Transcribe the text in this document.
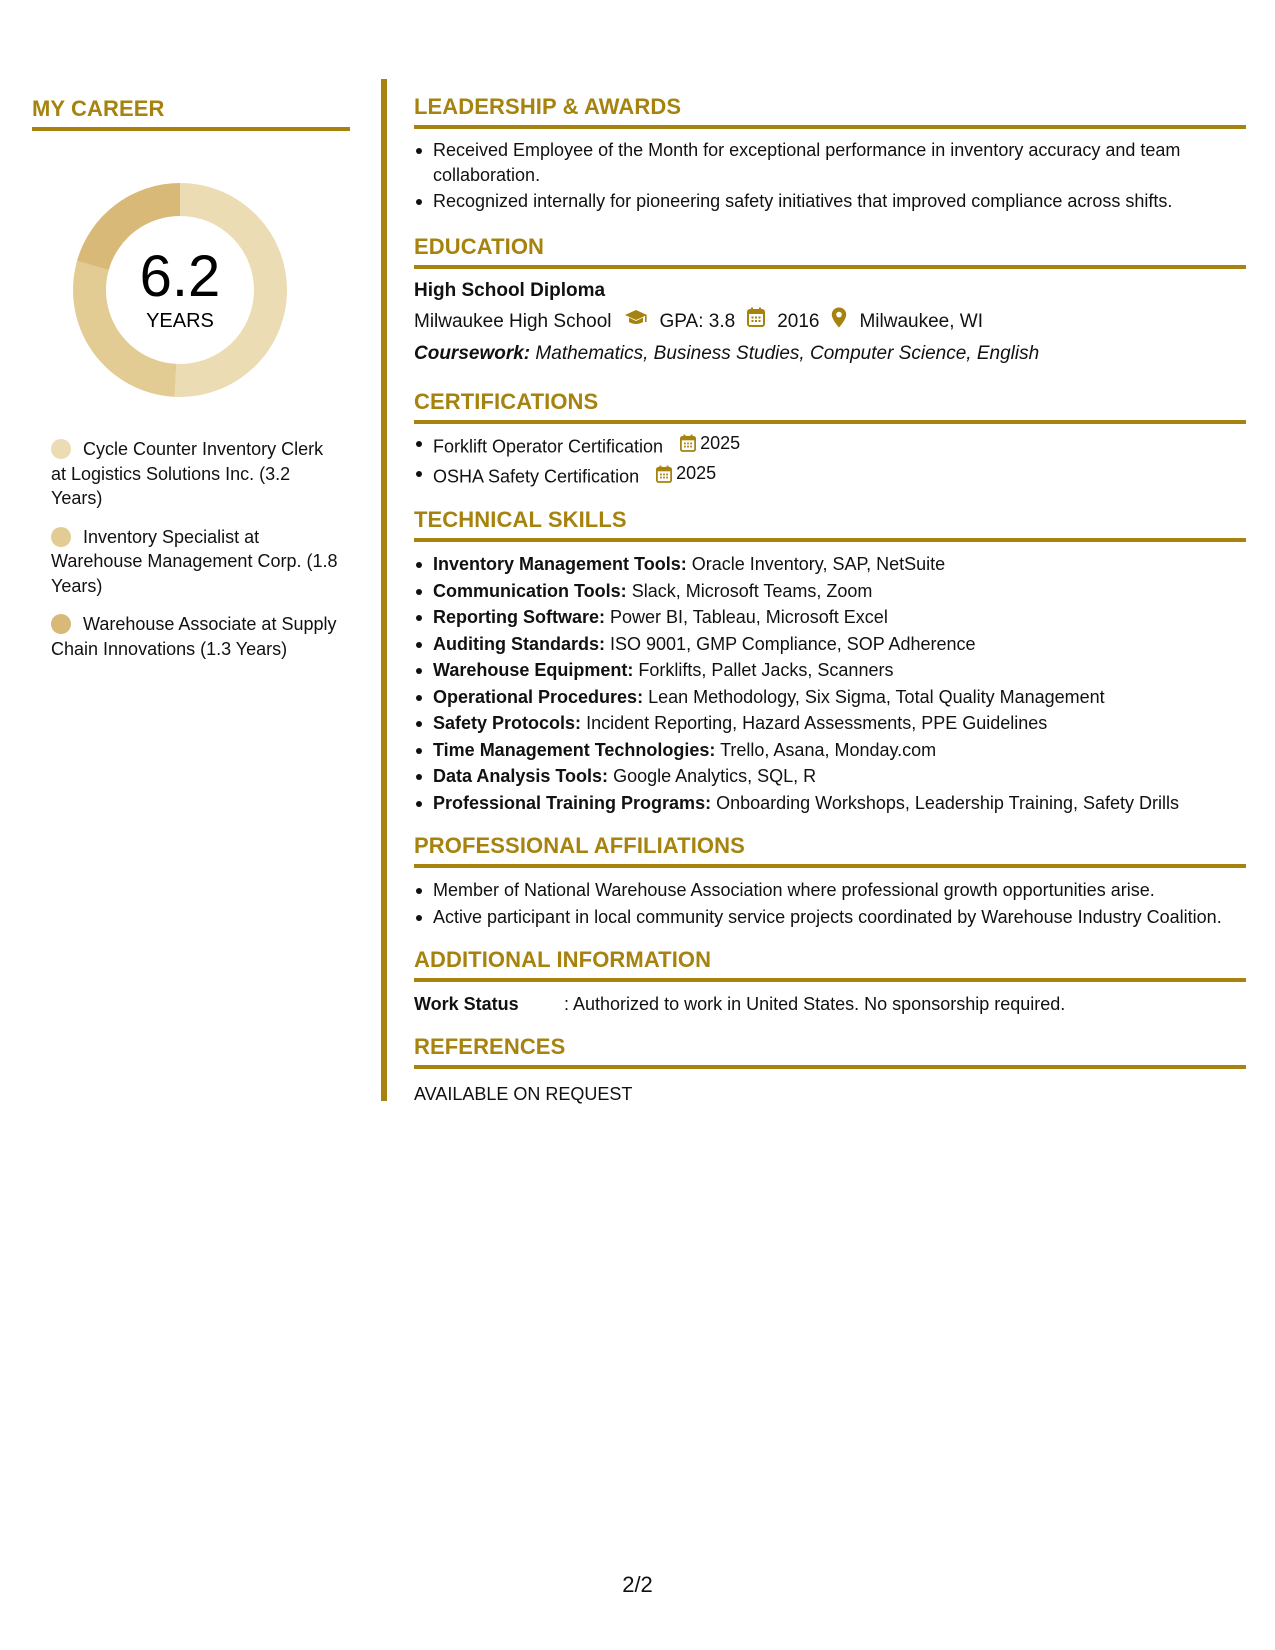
MY CAREER
6.2
YEARS
Cycle Counter Inventory Clerk at Logistics Solutions Inc. (3.2 Years)
Inventory Specialist at Warehouse Management Corp. (1.8 Years)
Warehouse Associate at Supply Chain Innovations (1.3 Years)
LEADERSHIP & AWARDS
Received Employee of the Month for exceptional performance in inventory accuracy and team collaboration.
Recognized internally for pioneering safety initiatives that improved compliance across shifts.
EDUCATION
High School Diploma
Milwaukee High School	GPA: 3.8 2016 Milwaukee, WI
Coursework: Mathematics, Business Studies, Computer Science, English
CERTIFICATIONS
Forklift Operator Certification 2025
OSHA Safety Certification 2025
TECHNICAL SKILLS
Inventory Management Tools: Oracle Inventory, SAP, NetSuite
Communication Tools: Slack, Microsoft Teams, Zoom
Reporting Software: Power BI, Tableau, Microsoft Excel
Auditing Standards: ISO 9001, GMP Compliance, SOP Adherence
Warehouse Equipment: Forklifts, Pallet Jacks, Scanners
Operational Procedures: Lean Methodology, Six Sigma, Total Quality Management
Safety Protocols: Incident Reporting, Hazard Assessments, PPE Guidelines
Time Management Technologies: Trello, Asana, Monday.com
Data Analysis Tools: Google Analytics, SQL, R
Professional Training Programs: Onboarding Workshops, Leadership Training, Safety Drills
PROFESSIONAL AFFILIATIONS
Member of National Warehouse Association where professional growth opportunities arise.
Active participant in local community service projects coordinated by Warehouse Industry Coalition.
ADDITIONAL INFORMATION
Work Status	: Authorized to work in United States. No sponsorship required.
REFERENCES
AVAILABLE ON REQUEST
2/2
